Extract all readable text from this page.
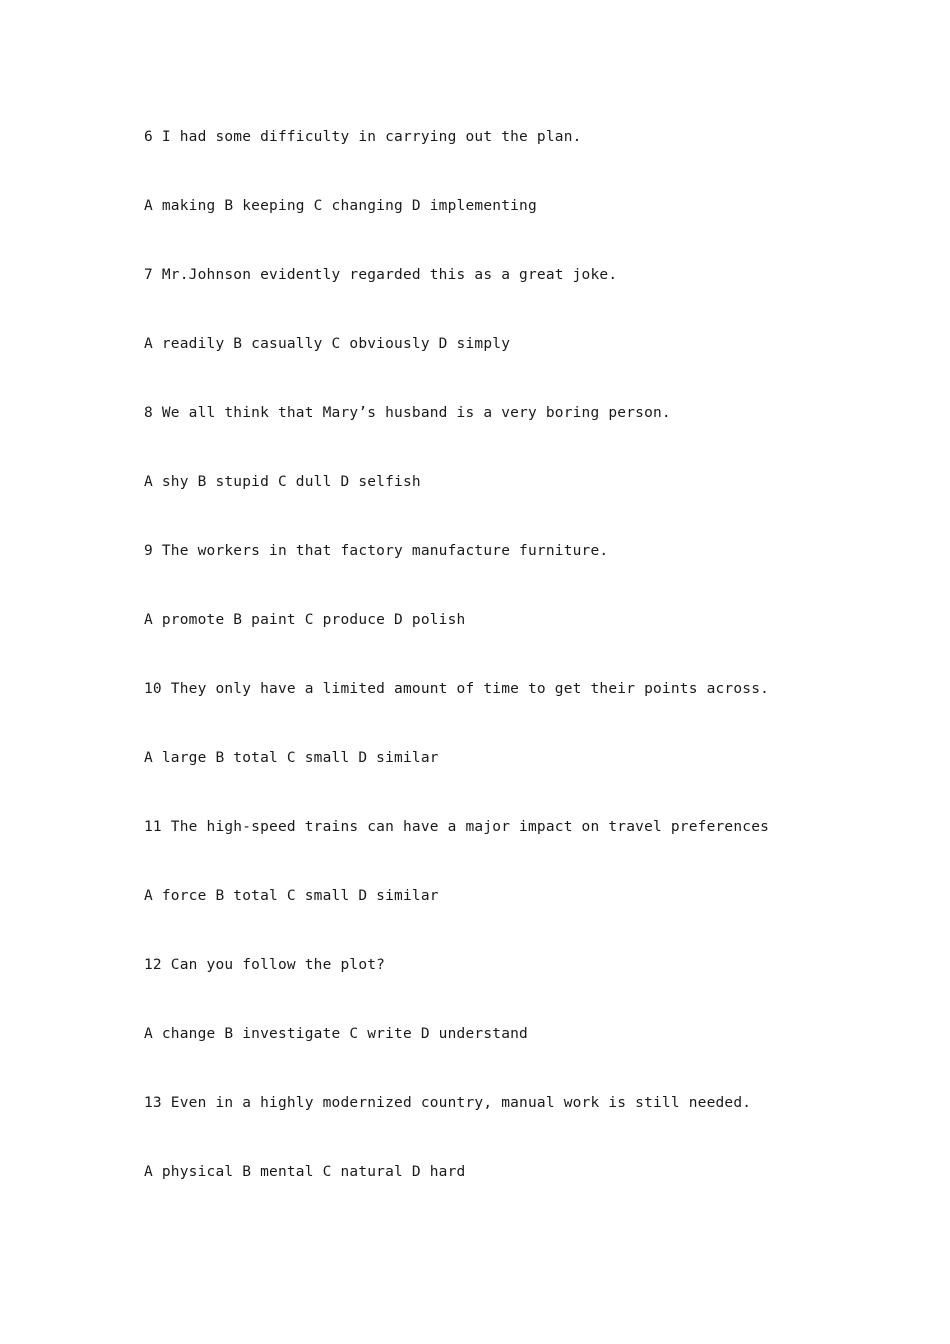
6 I had some difficulty in carrying out the plan.
A making B keeping C changing D implementing
7 Mr.Johnson evidently regarded this as a great joke.
A readily B casually C obviously D simply
8 We all think that Mary’s husband is a very boring person.
A shy B stupid C dull D selfish
9 The workers in that factory manufacture furniture.
A promote B paint C produce D polish
10 They only have a limited amount of time to get their points across.
A large B total C small D similar
11 The high-speed trains can have a major impact on travel preferences
A force B total C small D similar
12 Can you follow the plot?
A change B investigate C write D understand
13 Even in a highly modernized country, manual work is still needed.
A physical B mental C natural D hard
